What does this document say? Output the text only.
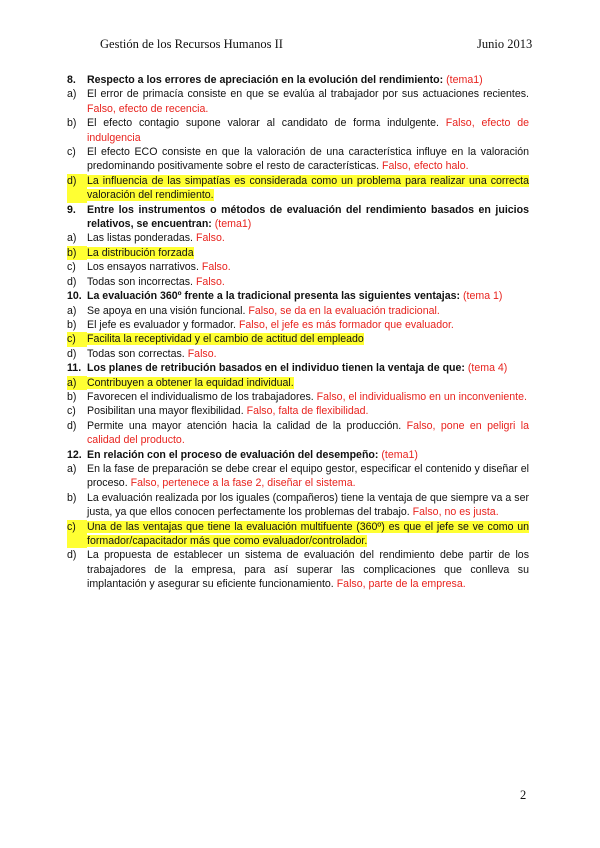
Gestión de los Recursos Humanos II	Junio 2013
8.	Respecto a los errores de apreciación en la evolución del rendimiento: (tema1)
a) El error de primacía consiste en que se evalúa al trabajador por sus actuaciones recientes. Falso, efecto de recencia.
b) El efecto contagio supone valorar al candidato de forma indulgente. Falso, efecto de indulgencia
c)	El efecto ECO consiste en que la valoración de una característica influye en la valoración predominando positivamente sobre el resto de características. Falso, efecto halo.
d) La influencia de las simpatías es considerada como un problema para realizar una correcta valoración del rendimiento.
9.	Entre los instrumentos o métodos de evaluación del rendimiento basados en juicios relativos, se encuentran: (tema1)
a) Las listas ponderadas. Falso.
b) La distribución forzada
c)	Los ensayos narrativos. Falso.
d) Todas son incorrectas. Falso.
10. La evaluación 360º frente a la tradicional presenta las siguientes ventajas: (tema 1)
a) Se apoya en una visión funcional. Falso, se da en la evaluación tradicional.
b) El jefe es evaluador y formador. Falso, el jefe es más formador que evaluador.
c)	Facilita la receptividad y el cambio de actitud del empleado
d) Todas son correctas. Falso.
11. Los planes de retribución basados en el individuo tienen la ventaja de que: (tema 4)
a) Contribuyen a obtener la equidad individual.
b) Favorecen el individualismo de los trabajadores. Falso, el individualismo en un inconveniente.
c)	Posibilitan una mayor flexibilidad. Falso, falta de flexibilidad.
d) Permite una mayor atención hacia la calidad de la producción. Falso, pone en peligri la calidad del producto.
12. En relación con el proceso de evaluación del desempeño: (tema1)
a) En la fase de preparación se debe crear el equipo gestor, especificar el contenido y diseñar el proceso. Falso, pertenece a la fase 2, diseñar el sistema.
b) La evaluación realizada por los iguales (compañeros) tiene la ventaja de que siempre va a ser justa, ya que ellos conocen perfectamente los problemas del trabajo. Falso, no es justa.
c)	Una de las ventajas que tiene la evaluación multifuente (360º) es que el jefe se ve como un formador/capacitador más que como evaluador/controlador.
d) La propuesta de establecer un sistema de evaluación del rendimiento debe partir de los trabajadores de la empresa, para así superar las complicaciones que conlleva su implantación y asegurar su eficiente funcionamiento. Falso, parte de la empresa.
2
